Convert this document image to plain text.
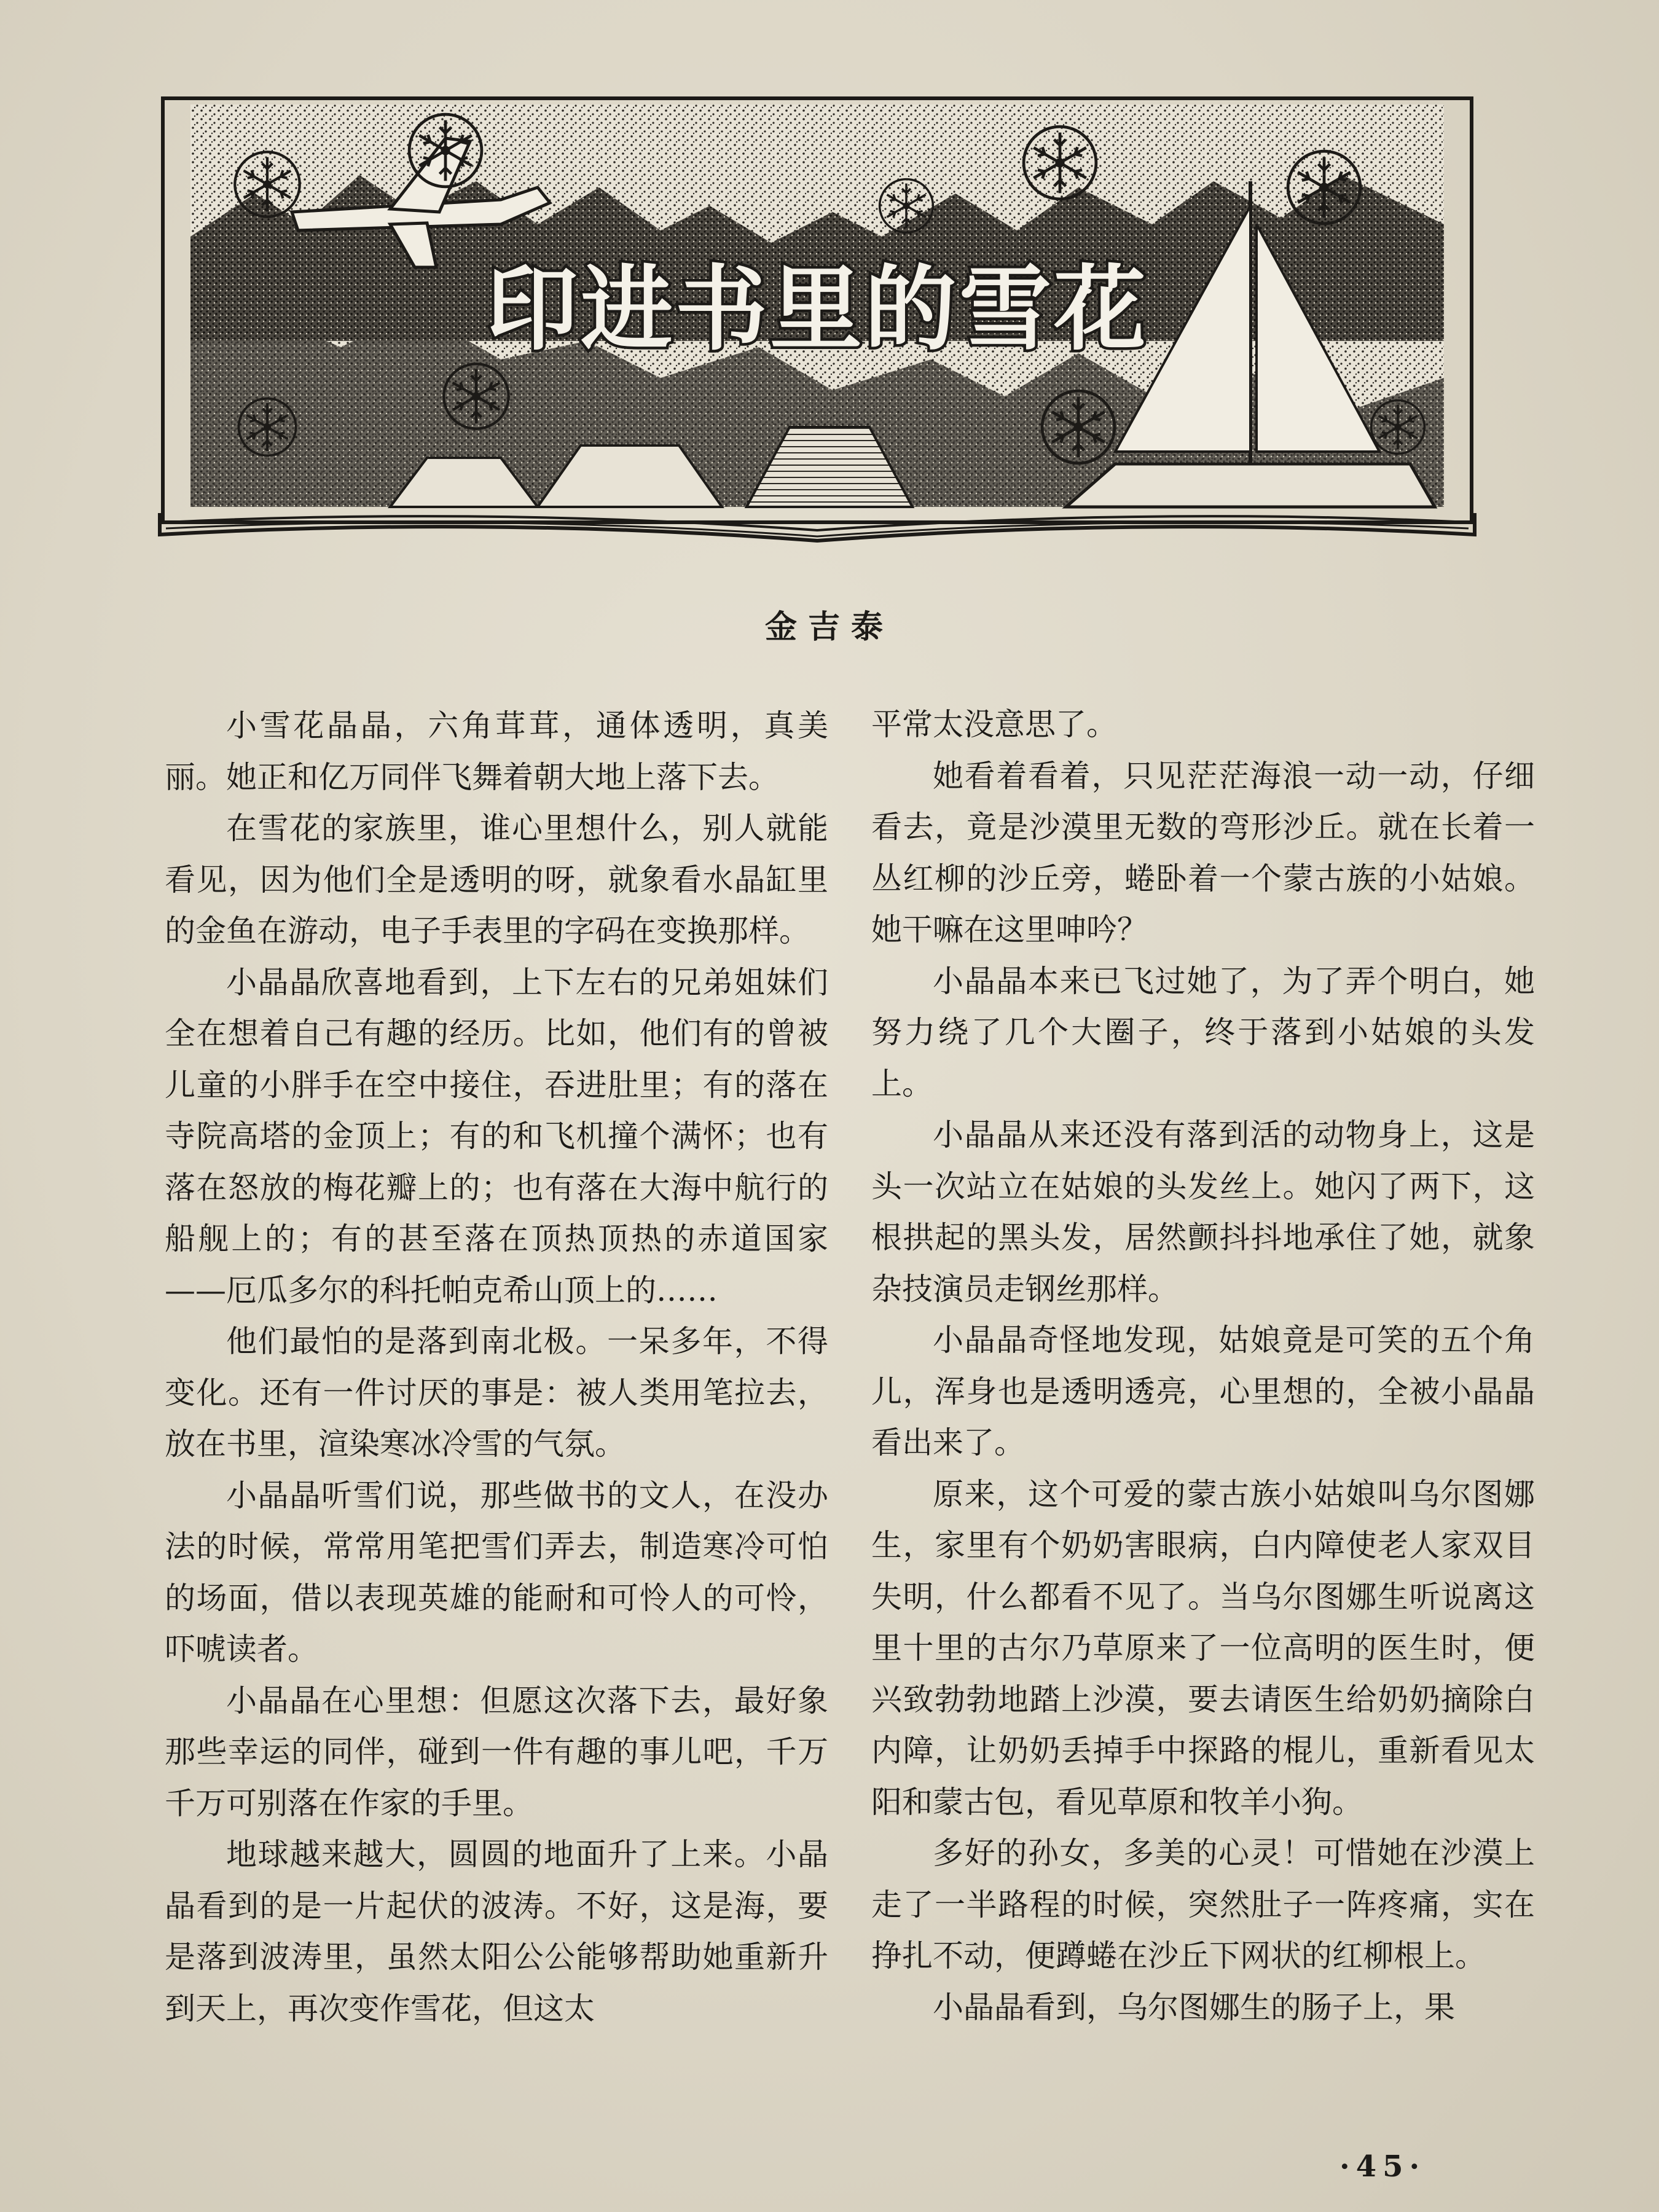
印进书里的雪花
金吉泰

小雪花晶晶，六角茸茸，通体透明，真美丽。她正和亿万同伴飞舞着朝大地上落下去。

在雪花的家族里，谁心里想什么，别人就能看见，因为他们全是透明的呀，就象看水晶缸里的金鱼在游动，电子手表里的字码在变换那样。

小晶晶欣喜地看到，上下左右的兄弟姐妹们全在想着自己有趣的经历。比如，他们有的曾被儿童的小胖手在空中接住，吞进肚里；有的落在寺院高塔的金顶上；有的和飞机撞个满怀；也有落在怒放的梅花瓣上的；也有落在大海中航行的船舰上的；有的甚至落在顶热顶热的赤道国家——厄瓜多尔的科托帕克希山顶上的……

他们最怕的是落到南北极。一呆多年，不得变化。还有一件讨厌的事是：被人类用笔拉去，放在书里，渲染寒冰冷雪的气氛。

小晶晶听雪们说，那些做书的文人，在没办法的时候，常常用笔把雪们弄去，制造寒冷可怕的场面，借以表现英雄的能耐和可怜人的可怜，吓唬读者。

小晶晶在心里想：但愿这次落下去，最好象那些幸运的同伴，碰到一件有趣的事儿吧，千万千万可别落在作家的手里。

地球越来越大，圆圆的地面升了上来。小晶晶看到的是一片起伏的波涛。不好，这是海，要是落到波涛里，虽然太阳公公能够帮助她重新升到天上，再次变作雪花，但这太

平常太没意思了。

她看着看着，只见茫茫海浪一动一动，仔细看去，竟是沙漠里无数的弯形沙丘。就在长着一丛红柳的沙丘旁，蜷卧着一个蒙古族的小姑娘。她干嘛在这里呻吟？

小晶晶本来已飞过她了，为了弄个明白，她努力绕了几个大圈子，终于落到小姑娘的头发上。

小晶晶从来还没有落到活的动物身上，这是头一次站立在姑娘的头发丝上。她闪了两下，这根拱起的黑头发，居然颤抖抖地承住了她，就象杂技演员走钢丝那样。

小晶晶奇怪地发现，姑娘竟是可笑的五个角儿，浑身也是透明透亮，心里想的，全被小晶晶看出来了。

原来，这个可爱的蒙古族小姑娘叫乌尔图娜生，家里有个奶奶害眼病，白内障使老人家双目失明，什么都看不见了。当乌尔图娜生听说离这里十里的古尔乃草原来了一位高明的医生时，便兴致勃勃地踏上沙漠，要去请医生给奶奶摘除白内障，让奶奶丢掉手中探路的棍儿，重新看见太阳和蒙古包，看见草原和牧羊小狗。

多好的孙女，多美的心灵！可惜她在沙漠上走了一半路程的时候，突然肚子一阵疼痛，实在挣扎不动，便蹲蜷在沙丘下网状的红柳根上。

小晶晶看到，乌尔图娜生的肠子上，果

·45·
